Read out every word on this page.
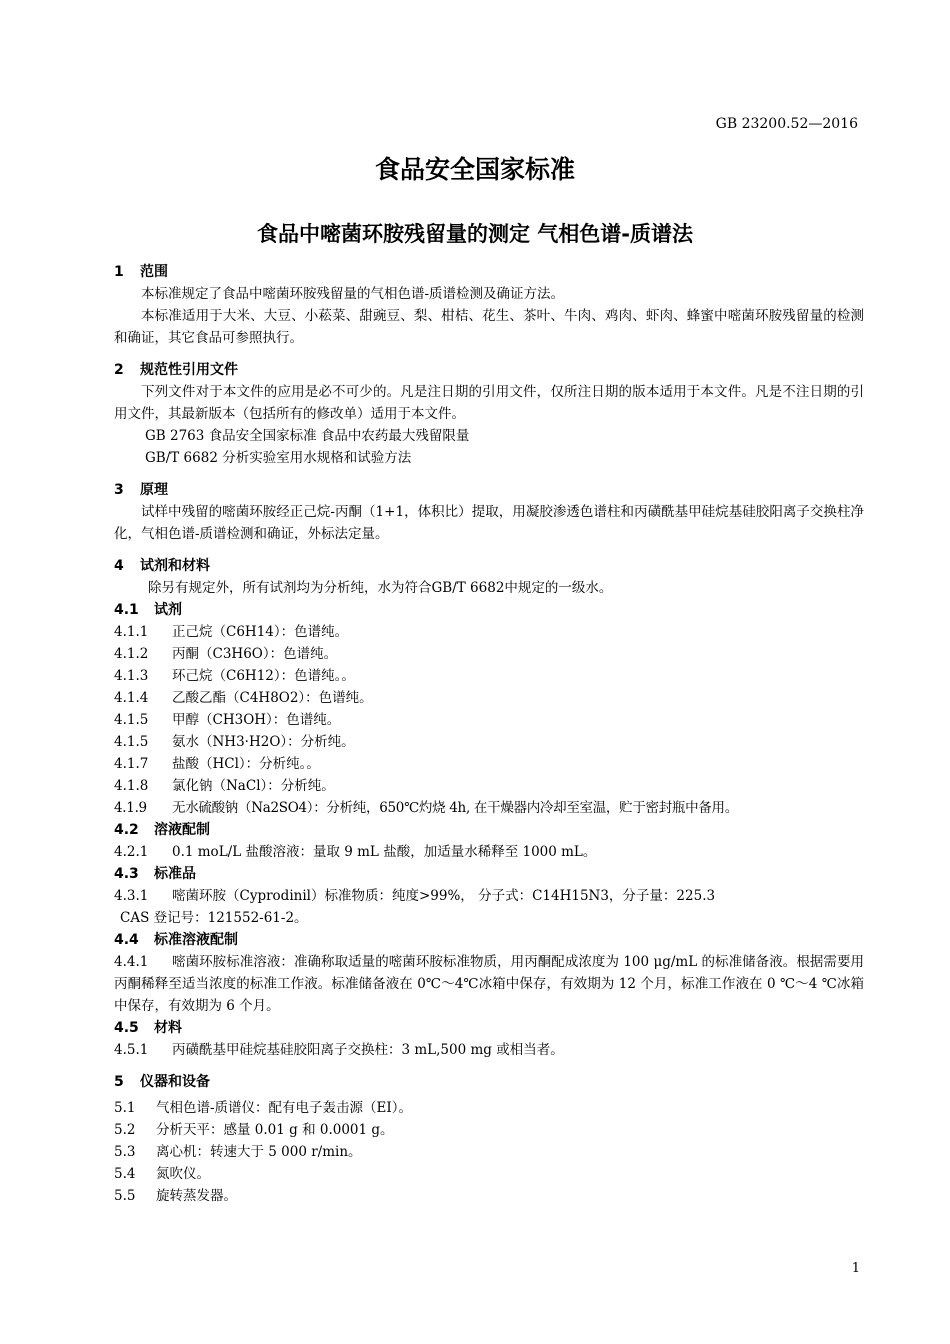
GB 23200.52—2016
食品安全国家标准
食品中嘧菌环胺残留量的测定 气相色谱-质谱法
1 范围
本标准规定了食品中嘧菌环胺残留量的气相色谱-质谱检测及确证方法。
本标准适用于大米、大豆、小菘菜、甜豌豆、梨、柑桔、花生、茶叶、牛肉、鸡肉、虾肉、蜂蜜中嘧菌环胺残留量的检测和确证，其它食品可参照执行。
2 规范性引用文件
下列文件对于本文件的应用是必不可少的。凡是注日期的引用文件，仅所注日期的版本适用于本文件。凡是不注日期的引用文件，其最新版本（包括所有的修改单）适用于本文件。
GB 2763 食品安全国家标准 食品中农药最大残留限量
GB/T 6682 分析实验室用水规格和试验方法
3 原理
试样中残留的嘧菌环胺经正己烷-丙酮（1+1，体积比）提取，用凝胶渗透色谱柱和丙磺酰基甲硅烷基硅胶阳离子交换柱净化，气相色谱-质谱检测和确证，外标法定量。
4 试剂和材料
除另有规定外，所有试剂均为分析纯，水为符合GB/T 6682中规定的一级水。
4.1 试剂
4.1.1 正己烷（C6H14）：色谱纯。
4.1.2 丙酮（C3H6O）：色谱纯。
4.1.3 环己烷（C6H12）：色谱纯。。
4.1.4 乙酸乙酯（C4H8O2）：色谱纯。
4.1.5 甲醇（CH3OH）：色谱纯。
4.1.5 氨水（NH3·H2O）：分析纯。
4.1.7 盐酸（HCl）：分析纯。。
4.1.8 氯化钠（NaCl）：分析纯。
4.1.9 无水硫酸钠（Na2SO4）：分析纯，650℃灼烧 4h, 在干燥器内冷却至室温，贮于密封瓶中备用。
4.2 溶液配制
4.2.1 0.1 moL/L 盐酸溶液：量取 9 mL 盐酸，加适量水稀释至 1000 mL。
4.3 标准品
4.3.1 嘧菌环胺（Cyprodinil）标准物质：纯度>99%， 分子式：C14H15N3，分子量：225.3
CAS 登记号：121552-61-2。
4.4 标准溶液配制
4.4.1 嘧菌环胺标准溶液：准确称取适量的嘧菌环胺标准物质，用丙酮配成浓度为 100 μg/mL 的标准储备液。根据需要用丙酮稀释至适当浓度的标准工作液。标准储备液在 0℃～4℃冰箱中保存，有效期为 12 个月，标准工作液在 0 ℃～4 ℃冰箱中保存，有效期为 6 个月。
4.5 材料
4.5.1 丙磺酰基甲硅烷基硅胶阳离子交换柱：3 mL,500 mg 或相当者。
5 仪器和设备
5.1 气相色谱-质谱仪：配有电子轰击源（EI）。
5.2 分析天平：感量 0.01 g 和 0.0001 g。
5.3 离心机：转速大于 5 000 r/min。
5.4 氮吹仪。
5.5 旋转蒸发器。
1
